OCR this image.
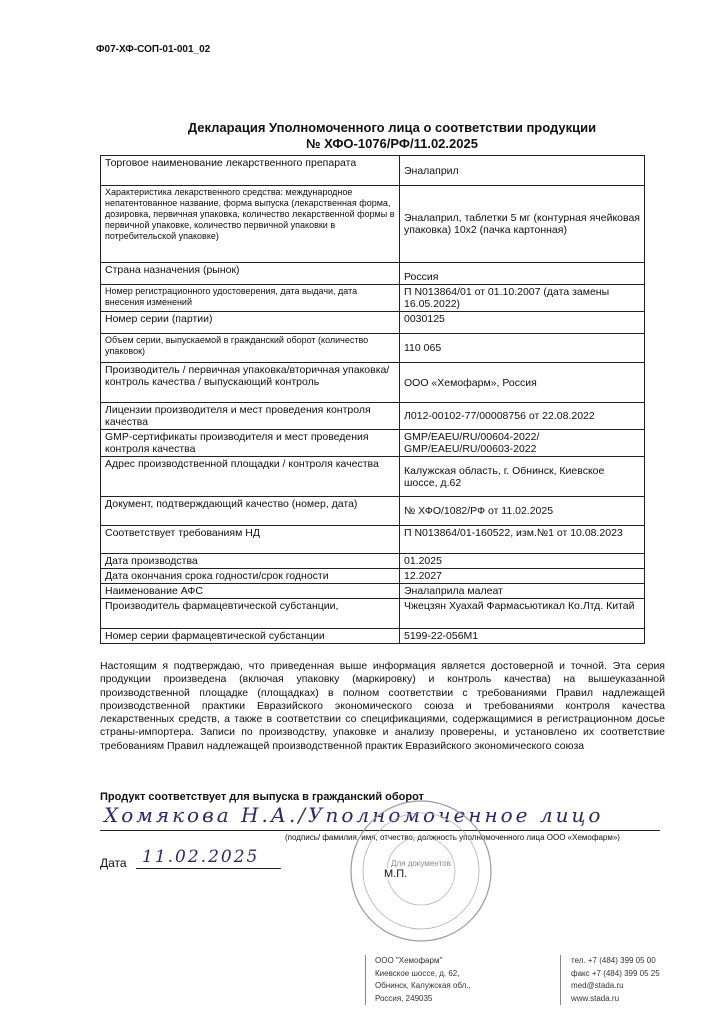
Ф07-ХФ-СОП-01-001_02
Декларация Уполномоченного лица о соответствии продукции
№ ХФО-1076/РФ/11.02.2025
Торговое наименование лекарственного препарата	Эналаприл
Характеристика лекарственного средства: международное непатентованное название, форма выпуска (лекарственная форма, дозировка, первичная упаковка, количество лекарственной формы в первичной упаковке, количество первичной упаковки в потребительской упаковке)	Эналаприл, таблетки 5 мг (контурная ячейковая упаковка) 10х2 (пачка картонная)
Страна назначения (рынок)	Россия
Номер регистрационного удостоверения, дата выдачи, дата внесения изменений	П N013864/01 от 01.10.2007 (дата замены 16.05.2022)
Номер серии (партии)	0030125
Объем серии, выпускаемой в гражданский оборот (количество упаковок)	110 065
Производитель / первичная упаковка/вторичная упаковка/контроль качества / выпускающий контроль	ООО «Хемофарм», Россия
Лицензии производителя и мест проведения контроля качества	Л012-00102-77/00008756 от 22.08.2022
GMP-сертификаты производителя и мест проведения контроля качества	GMP/EAEU/RU/00604-2022/ GMP/EAEU/RU/00603-2022
Адрес производственной площадки / контроля качества	Калужская область, г. Обнинск, Киевское шоссе, д.62
Документ, подтверждающий качество (номер, дата)	№ ХФО/1082/РФ от 11.02.2025
Соответствует требованиям НД	П N013864/01-160522, изм.№1 от 10.08.2023
Дата производства	01.2025
Дата окончания срока годности/срок годности	12.2027
Наименование АФС	Эналаприла малеат
Производитель фармацевтической субстанции,	Чжецзян Хуахай Фармасьютикал Ко.Лтд. Китай
Номер серии фармацевтической субстанции	5199-22-056М1
Настоящим я подтверждаю, что приведенная выше информация является достоверной и точной. Эта серия продукции произведена (включая упаковку (маркировку) и контроль качества) на вышеуказанной производственной площадке (площадках) в полном соответствии с требованиями Правил надлежащей производственной практики Евразийского экономического союза и требованиями контроля качества лекарственных средств, а также в соответствии со спецификациями, содержащимися в регистрационном досье страны-импортера. Записи по производству, упаковке и анализу проверены, и установлено их соответствие требованиям Правил надлежащей производственной практик Евразийского экономического союза
Продукт соответствует для выпуска в гражданский оборот
Хомякова Н.А./Уполномоченное лицо
(подпись/ фамилия, имя, отчество, должность уполномоченного лица ООО «Хемофарм»)
Для документов
М.П.
Дата 11.02.2025
ООО "Хемофарм"
Киевское шоссе, д. 62,
Обнинск, Калужская обл.,
Россия, 249035
тел. +7 (484) 399 05 00
факс +7 (484) 399 05 25
med@stada.ru
www.stada.ru
